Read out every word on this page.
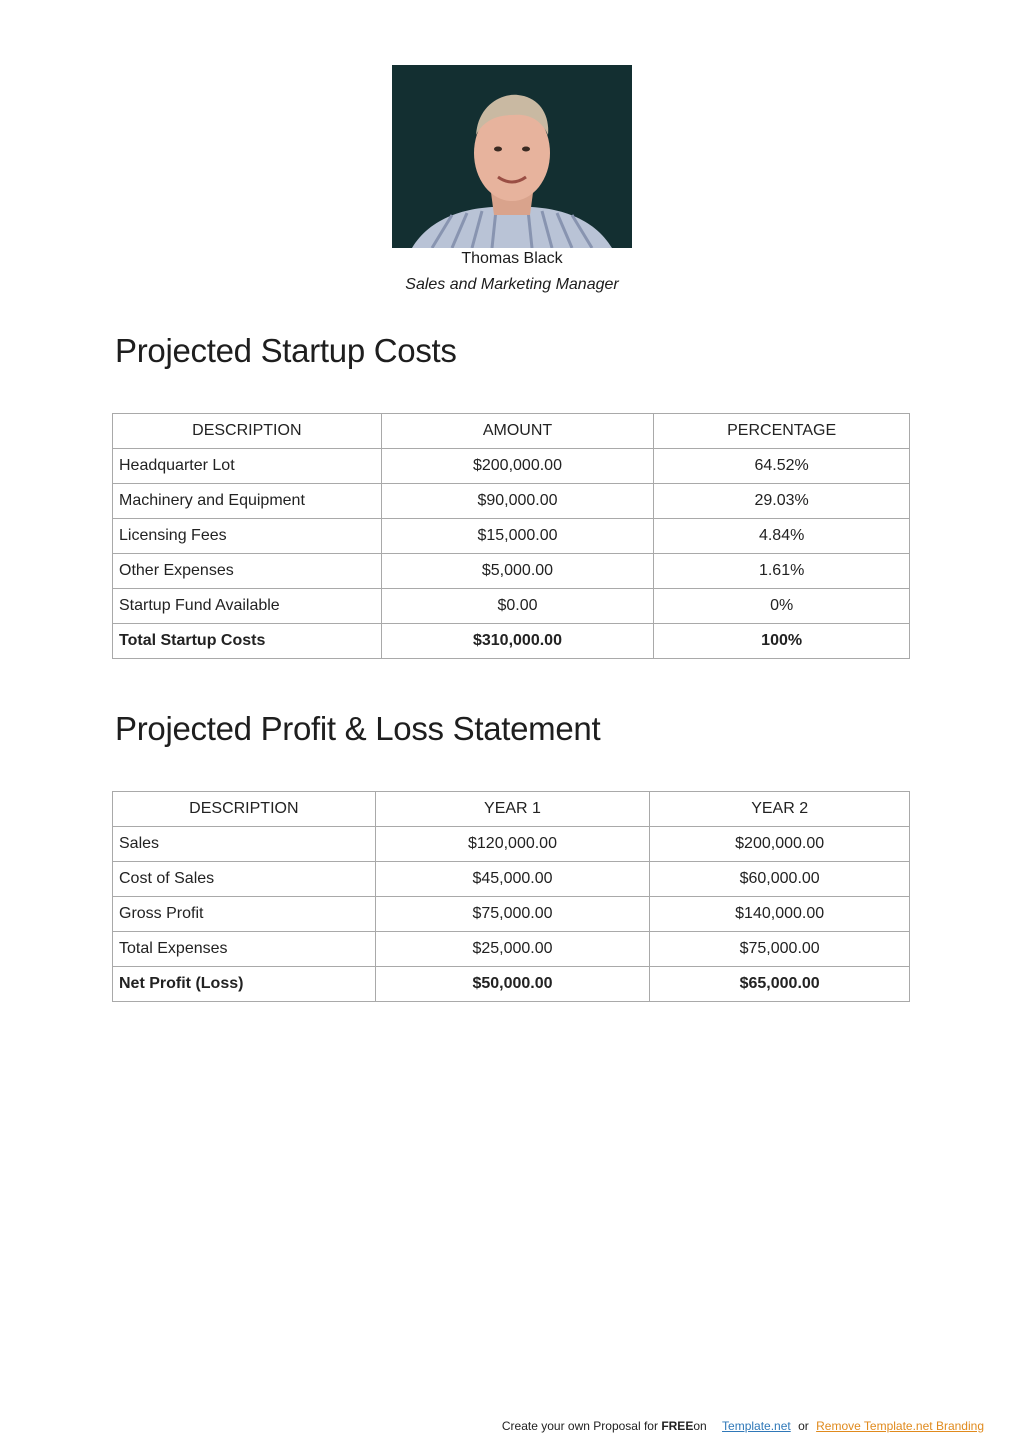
Thomas Black
Sales and Marketing Manager
Projected Startup Costs
DESCRIPTION	AMOUNT	PERCENTAGE
Headquarter Lot	$200,000.00	64.52%
Machinery and Equipment	$90,000.00	29.03%
Licensing Fees	$15,000.00	4.84%
Other Expenses	$5,000.00	1.61%
Startup Fund Available	$0.00	0%
Total Startup Costs	$310,000.00	100%
Projected Profit & Loss Statement
DESCRIPTION	YEAR 1	YEAR 2
Sales	$120,000.00	$200,000.00
Cost of Sales	$45,000.00	$60,000.00
Gross Profit	$75,000.00	$140,000.00
Total Expenses	$25,000.00	$75,000.00
Net Profit (Loss)	$50,000.00	$65,000.00
Create your own Proposal for FREEon Template.net or Remove Template.net Branding
